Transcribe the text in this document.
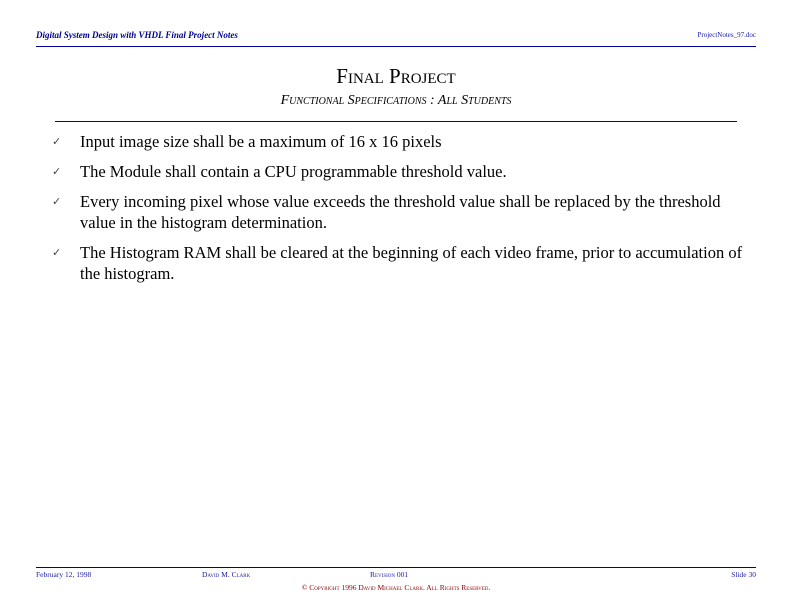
Digital System Design with VHDL Final Project Notes	ProjectNotes_97.doc
Final Project
Functional Specifications : All Students
✓ Input image size shall be a maximum of 16 x 16 pixels
✓ The Module shall contain a CPU programmable threshold value.
✓ Every incoming pixel whose value exceeds the threshold value shall be replaced by the threshold value in the histogram determination.
✓ The Histogram RAM shall be cleared at the beginning of each video frame, prior to accumulation of the histogram.
February 12, 1998	David M. Clark	Revision 001	Slide 30
© Copyright 1996 David Michael Clark. All Rights Reserved.
